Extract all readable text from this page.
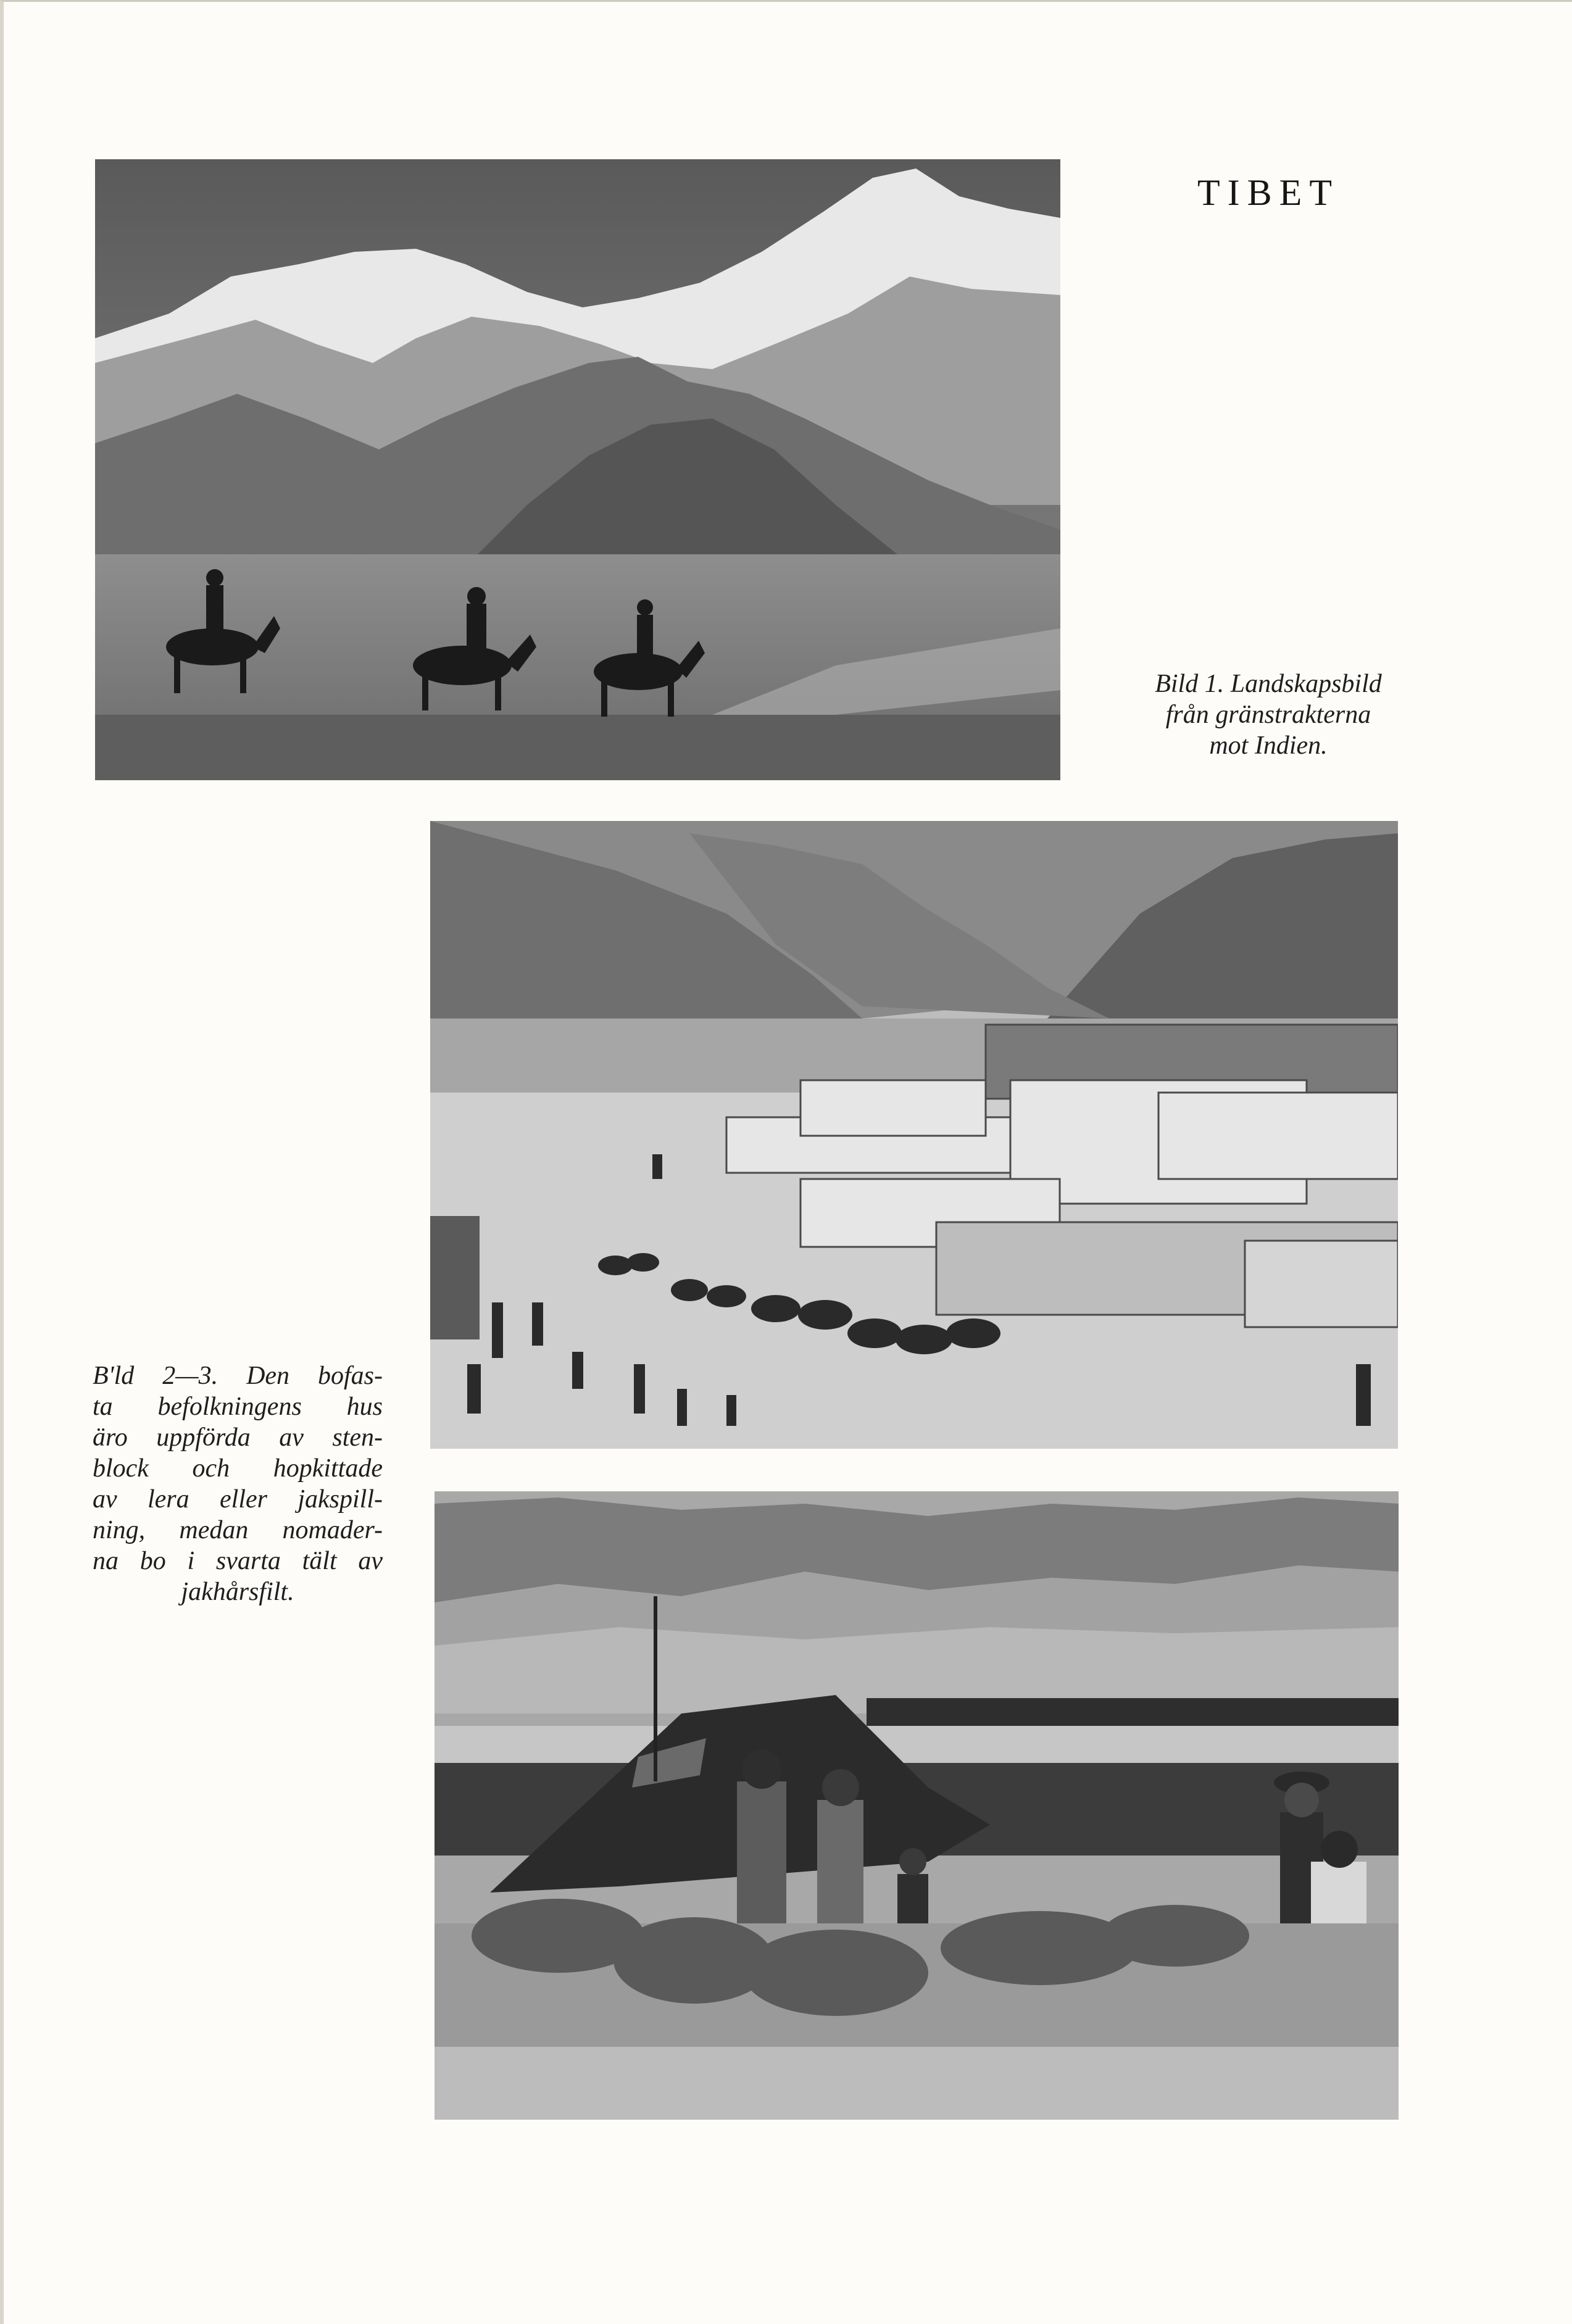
TIBET
Bild 1. Landskapsbild
från gränstrakterna
mot Indien.
B'ld 2—3. Den bofas-
ta befolkningens hus
äro uppförda av sten-
block och hopkittade
av lera eller jakspill-
ning, medan nomader-
na bo i svarta tält av
jakhårsfilt.
